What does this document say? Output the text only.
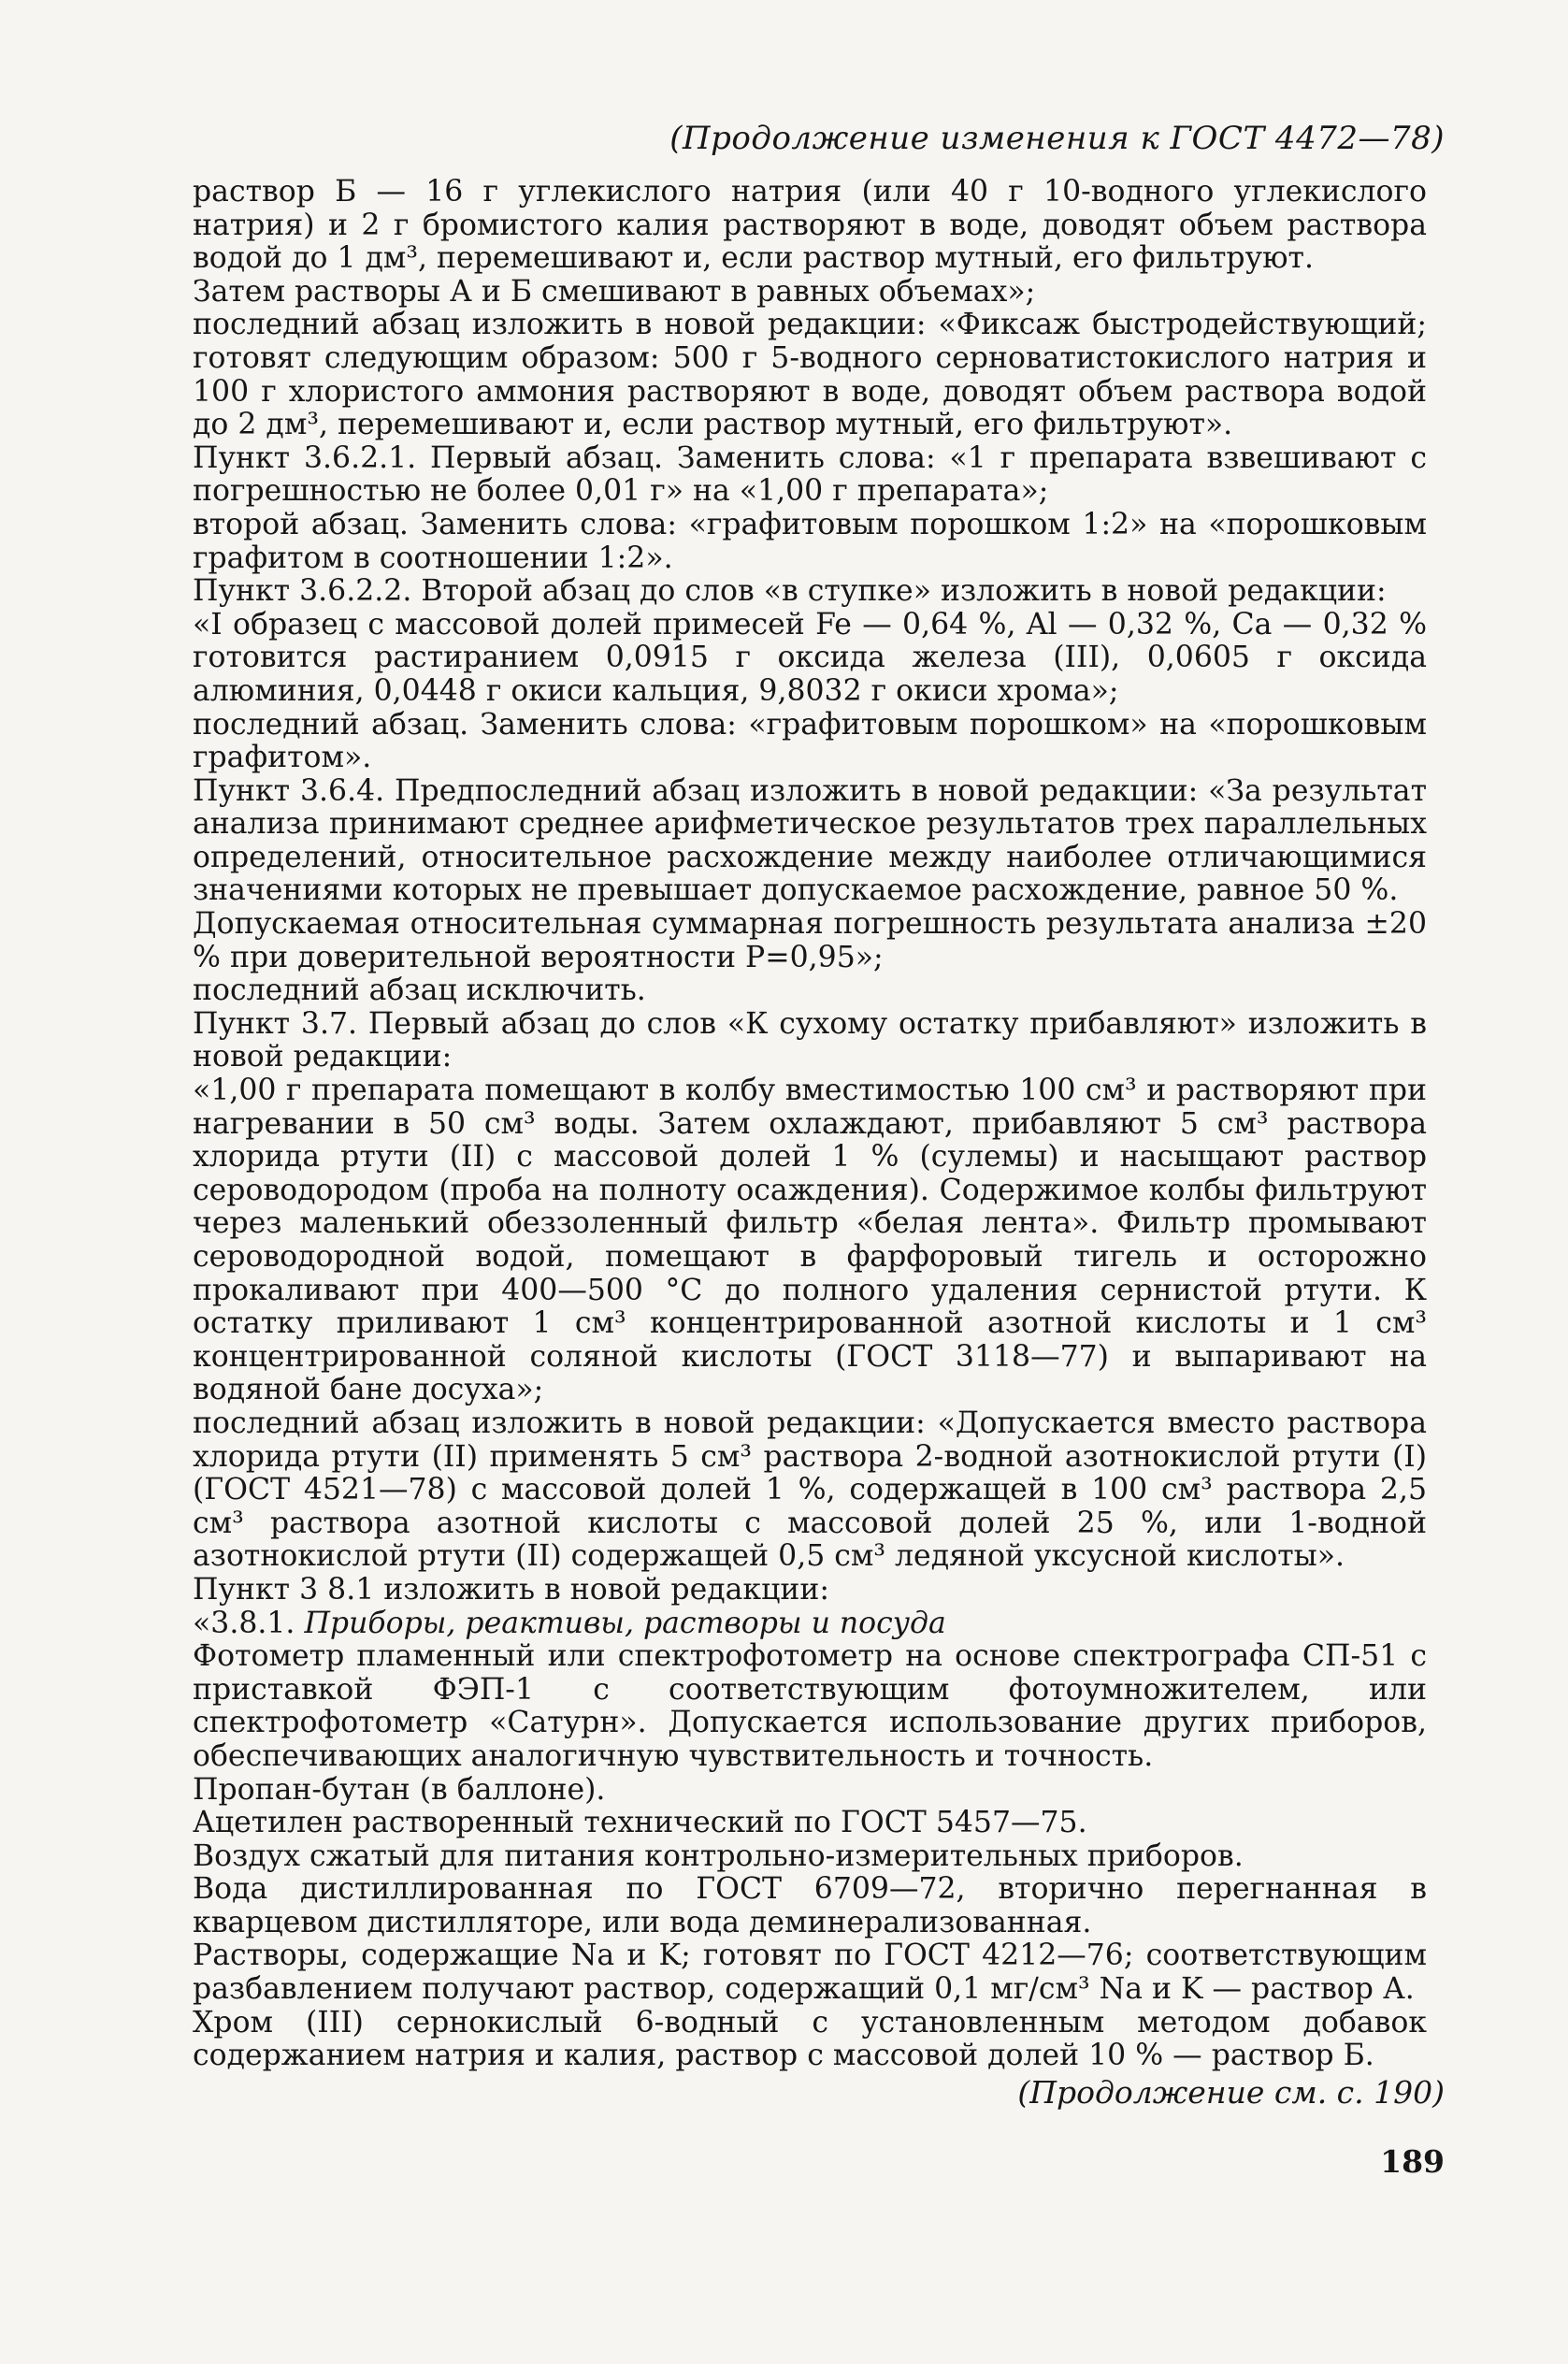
(Продолжение изменения к ГОСТ 4472—78)

раствор Б — 16 г углекислого натрия (или 40 г 10-водного углекислого натрия) и 2 г бромистого калия растворяют в воде, доводят объем раствора водой до 1 дм³, перемешивают и, если раствор мутный, его фильтруют.

Затем растворы А и Б смешивают в равных объемах»;

последний абзац изложить в новой редакции: «Фиксаж быстродействующий; готовят следующим образом: 500 г 5-водного серноватистокислого натрия и 100 г хлористого аммония растворяют в воде, доводят объем раствора водой до 2 дм³, перемешивают и, если раствор мутный, его фильтруют».

Пункт 3.6.2.1. Первый абзац. Заменить слова: «1 г препарата взвешивают с погрешностью не более 0,01 г» на «1,00 г препарата»;

второй абзац. Заменить слова: «графитовым порошком 1:2» на «порошковым графитом в соотношении 1:2».

Пункт 3.6.2.2. Второй абзац до слов «в ступке» изложить в новой редакции:

«I образец с массовой долей примесей Fe — 0,64 %, Al — 0,32 %, Ca — 0,32 % готовится растиранием 0,0915 г оксида железа (III), 0,0605 г оксида алюминия, 0,0448 г окиси кальция, 9,8032 г окиси хрома»;

последний абзац. Заменить слова: «графитовым порошком» на «порошковым графитом».

Пункт 3.6.4. Предпоследний абзац изложить в новой редакции: «За результат анализа принимают среднее арифметическое результатов трех параллельных определений, относительное расхождение между наиболее отличающимися значениями которых не превышает допускаемое расхождение, равное 50 %.

Допускаемая относительная суммарная погрешность результата анализа ±20 % при доверительной вероятности P=0,95»;

последний абзац исключить.

Пункт 3.7. Первый абзац до слов «К сухому остатку прибавляют» изложить в новой редакции:

«1,00 г препарата помещают в колбу вместимостью 100 см³ и растворяют при нагревании в 50 см³ воды. Затем охлаждают, прибавляют 5 см³ раствора хлорида ртути (II) с массовой долей 1 % (сулемы) и насыщают раствор сероводородом (проба на полноту осаждения). Содержимое колбы фильтруют через маленький обеззоленный фильтр «белая лента». Фильтр промывают сероводородной водой, помещают в фарфоровый тигель и осторожно прокаливают при 400—500 °С до полного удаления сернистой ртути. К остатку приливают 1 см³ концентрированной азотной кислоты и 1 см³ концентрированной соляной кислоты (ГОСТ 3118—77) и выпаривают на водяной бане досуха»;

последний абзац изложить в новой редакции: «Допускается вместо раствора хлорида ртути (II) применять 5 см³ раствора 2-водной азотнокислой ртути (I) (ГОСТ 4521—78) с массовой долей 1 %, содержащей в 100 см³ раствора 2,5 см³ раствора азотной кислоты с массовой долей 25 %, или 1-водной азотнокислой ртути (II) содержащей 0,5 см³ ледяной уксусной кислоты».

Пункт 3 8.1 изложить в новой редакции:

«3.8.1. Приборы, реактивы, растворы и посуда

Фотометр пламенный или спектрофотометр на основе спектрографа СП-51 с приставкой ФЭП-1 с соответствующим фотоумножителем, или спектрофотометр «Сатурн». Допускается использование других приборов, обеспечивающих аналогичную чувствительность и точность.

Пропан-бутан (в баллоне).

Ацетилен растворенный технический по ГОСТ 5457—75.

Воздух сжатый для питания контрольно-измерительных приборов.

Вода дистиллированная по ГОСТ 6709—72, вторично перегнанная в кварцевом дистилляторе, или вода деминерализованная.

Растворы, содержащие Na и K; готовят по ГОСТ 4212—76; соответствующим разбавлением получают раствор, содержащий 0,1 мг/см³ Na и K — раствор А.

Хром (III) сернокислый 6-водный с установленным методом добавок содержанием натрия и калия, раствор с массовой долей 10 % — раствор Б.

(Продолжение см. с. 190)
189
